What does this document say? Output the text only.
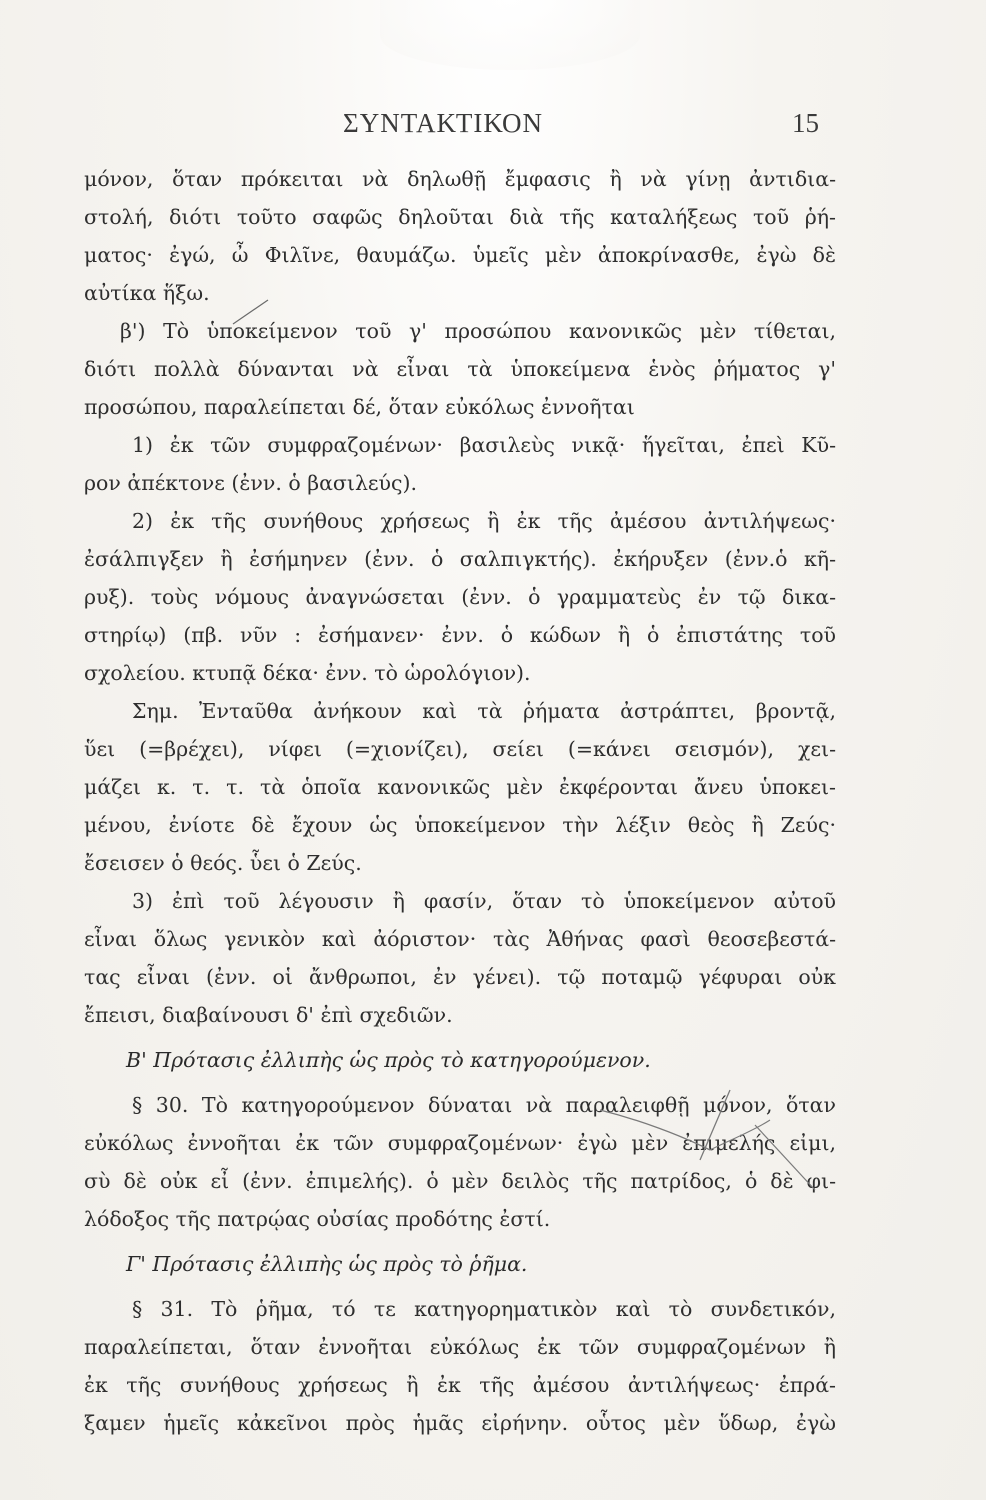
ΣΥΝΤΑΚΤΙΚΟΝ	15
μόνον, ὅταν πρόκειται νὰ δηλωθῇ ἔμφασις ἢ νὰ γίνῃ ἀντιδια-
στολή, διότι τοῦτο σαφῶς δηλοῦται διὰ τῆς καταλήξεως τοῦ ῥή-
ματος· ἐγώ, ὦ Φιλῖνε, θαυμάζω. ὑμεῖς μὲν ἀποκρίνασθε, ἐγὼ δὲ
αὐτίκα ἥξω.
β') Τὸ ὑποκείμενον τοῦ γ' προσώπου κανονικῶς μὲν τίθεται,
διότι πολλὰ δύνανται νὰ εἶναι τὰ ὑποκείμενα ἑνὸς ῥήματος γ'
προσώπου, παραλείπεται δέ, ὅταν εὐκόλως ἐννοῆται
1) ἐκ τῶν συμφραζομένων· βασιλεὺς νικᾷ· ἥγεῖται, ἐπεὶ Κῦ-
ρον ἀπέκτονε (ἐνν. ὁ βασιλεύς).
2) ἐκ τῆς συνήθους χρήσεως ἢ ἐκ τῆς ἀμέσου ἀντιλήψεως·
ἐσάλπιγξεν ἢ ἐσήμηνεν (ἐνν. ὁ σαλπιγκτής). ἐκήρυξεν (ἐνν.ὁ κῆ-
ρυξ). τοὺς νόμους ἀναγνώσεται (ἐνν. ὁ γραμματεὺς ἐν τῷ δικα-
στηρίῳ) (πβ. νῦν : ἐσήμανεν· ἐνν. ὁ κώδων ἢ ὁ ἐπιστάτης τοῦ
σχολείου. κτυπᾷ δέκα· ἐνν. τὸ ὡρολόγιον).
Σημ. Ἐνταῦθα ἀνήκουν καὶ τὰ ῥήματα ἀστράπτει, βροντᾷ,
ὕει (=βρέχει), νίφει (=χιονίζει), σείει (=κάνει σεισμόν), χει-
μάζει κ. τ. τ. τὰ ὁποῖα κανονικῶς μὲν ἐκφέρονται ἄνευ ὑποκει-
μένου, ἐνίοτε δὲ ἔχουν ὡς ὑποκείμενον τὴν λέξιν θεὸς ἢ Ζεύς·
ἔσεισεν ὁ θεός. ὗει ὁ Ζεύς.
3) ἐπὶ τοῦ λέγουσιν ἢ φασίν, ὅταν τὸ ὑποκείμενον αὐτοῦ
εἶναι ὅλως γενικὸν καὶ ἀόριστον· τὰς Ἀθήνας φασὶ θεοσεβεστά-
τας εἶναι (ἐνν. οἱ ἄνθρωποι, ἐν γένει). τῷ ποταμῷ γέφυραι οὐκ
ἔπεισι, διαβαίνουσι δ' ἐπὶ σχεδιῶν.
Β' Πρότασις ἐλλιπὴς ὡς πρὸς τὸ κατηγορούμενον.
§ 30. Τὸ κατηγορούμενον δύναται νὰ παραλειφθῇ μόνον, ὅταν
εὐκόλως ἐννοῆται ἐκ τῶν συμφραζομένων· ἐγὼ μὲν ἐπιμελής εἰμι,
σὺ δὲ οὐκ εἶ (ἐνν. ἐπιμελής). ὁ μὲν δειλὸς τῆς πατρίδος, ὁ δὲ φι-
λόδοξος τῆς πατρῴας οὐσίας προδότης ἐστί.
Γ' Πρότασις ἐλλιπὴς ὡς πρὸς τὸ ῥῆμα.
§ 31. Τὸ ῥῆμα, τό τε κατηγορηματικὸν καὶ τὸ συνδετικόν,
παραλείπεται, ὅταν ἐννοῆται εὐκόλως ἐκ τῶν συμφραζομένων ἢ
ἐκ τῆς συνήθους χρήσεως ἢ ἐκ τῆς ἀμέσου ἀντιλήψεως· ἐπρά-
ξαμεν ἡμεῖς κἀκεῖνοι πρὸς ἡμᾶς εἰρήνην. οὗτος μὲν ὕδωρ, ἐγὼ
